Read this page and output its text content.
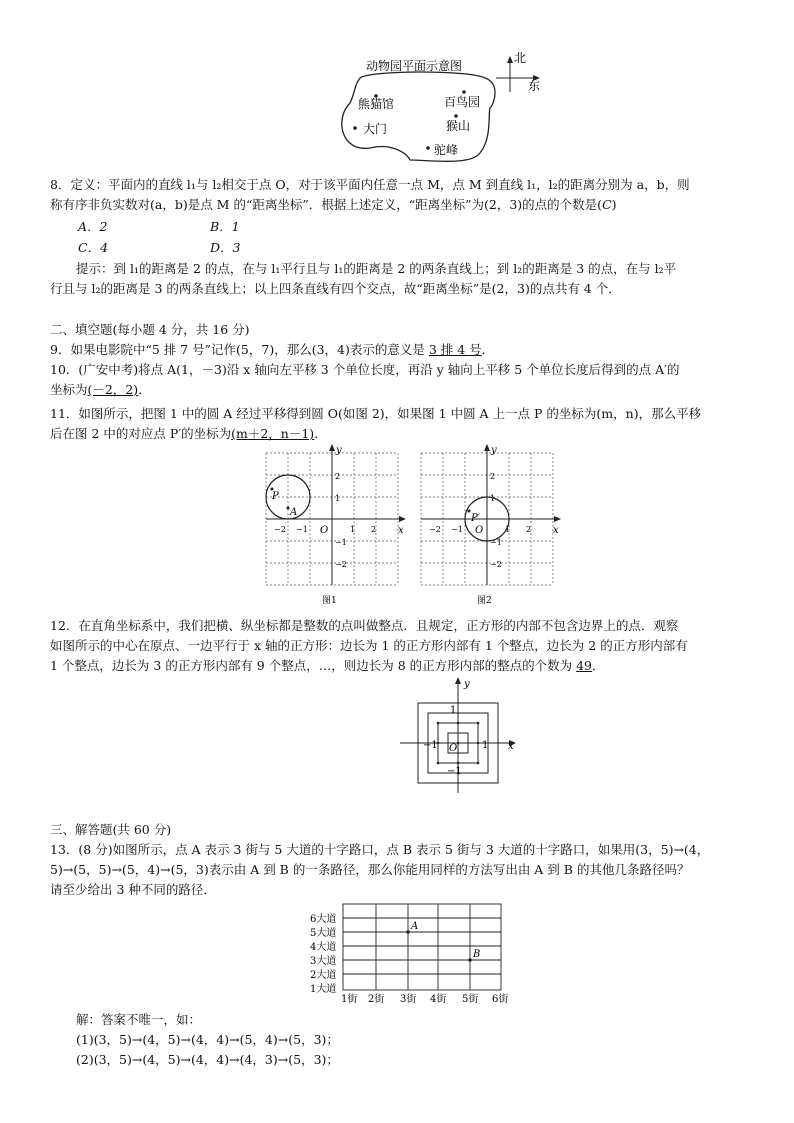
动物园平面示意图
北
东
熊猫馆	百鸟园
大门	猴山
驼峰
8．定义：平面内的直线 l₁与 l₂相交于点 O，对于该平面内任意一点 M，点 M 到直线 l₁，l₂的距离分别为 a，b，则
称有序非负实数对(a，b)是点 M 的“距离坐标”．根据上述定义，“距离坐标”为(2，3)的点的个数是(C)
A．2	B．1
C．4	D．3
提示：到 l₁的距离是 2 的点，在与 l₁平行且与 l₁的距离是 2 的两条直线上；到 l₂的距离是 3 的点，在与 l₂平
行且与 l₂的距离是 3 的两条直线上；以上四条直线有四个交点，故“距离坐标”是(2，3)的点共有 4 个．
二、填空题(每小题 4 分，共 16 分)
9．如果电影院中“5 排 7 号”记作(5，7)，那么(3，4)表示的意义是 3 排 4 号．
10．(广安中考)将点 A(1，－3)沿 x 轴向左平移 3 个单位长度，再沿 y 轴向上平移 5 个单位长度后得到的点 A′的
坐标为(－2，2)．
11．如图所示，把图 1 中的圆 A 经过平移得到圆 O(如图 2)，如果图 1 中圆 A 上一点 P 的坐标为(m，n)，那么平移
后在图 2 中的对应点 P′的坐标为(m＋2，n－1)．
y
x
O
2
1
−1
−2
−2 −1	1 2
P
A
图1
y
x
O
2
1
−1
−2
−2 −1	1 2
P′
图2
12．在直角坐标系中，我们把横、纵坐标都是整数的点叫做整点．且规定，正方形的内部不包含边界上的点．观察
如图所示的中心在原点、一边平行于 x 轴的正方形：边长为 1 的正方形内部有 1 个整点，边长为 2 的正方形内部有
1 个整点，边长为 3 的正方形内部有 9 个整点，…，则边长为 8 的正方形内部的整点的个数为 49．
y
x
1
−1
−1	1
O
三、解答题(共 60 分)
13．(8 分)如图所示，点 A 表示 3 街与 5 大道的十字路口，点 B 表示 5 街与 3 大道的十字路口，如果用(3，5)→(4，
5)→(5，5)→(5，4)→(5，3)表示由 A 到 B 的一条路径，那么你能用同样的方法写出由 A 到 B 的其他几条路径吗？
请至少给出 3 种不同的路径．
6大道
5大道
4大道
3大道
2大道
1大道
1街 2街 3街 4街 5街 6街
A
B
解：答案不唯一，如：
(1)(3，5)→(4，5)→(4，4)→(5，4)→(5，3)；
(2)(3，5)→(4，5)→(4，4)→(4，3)→(5，3)；
